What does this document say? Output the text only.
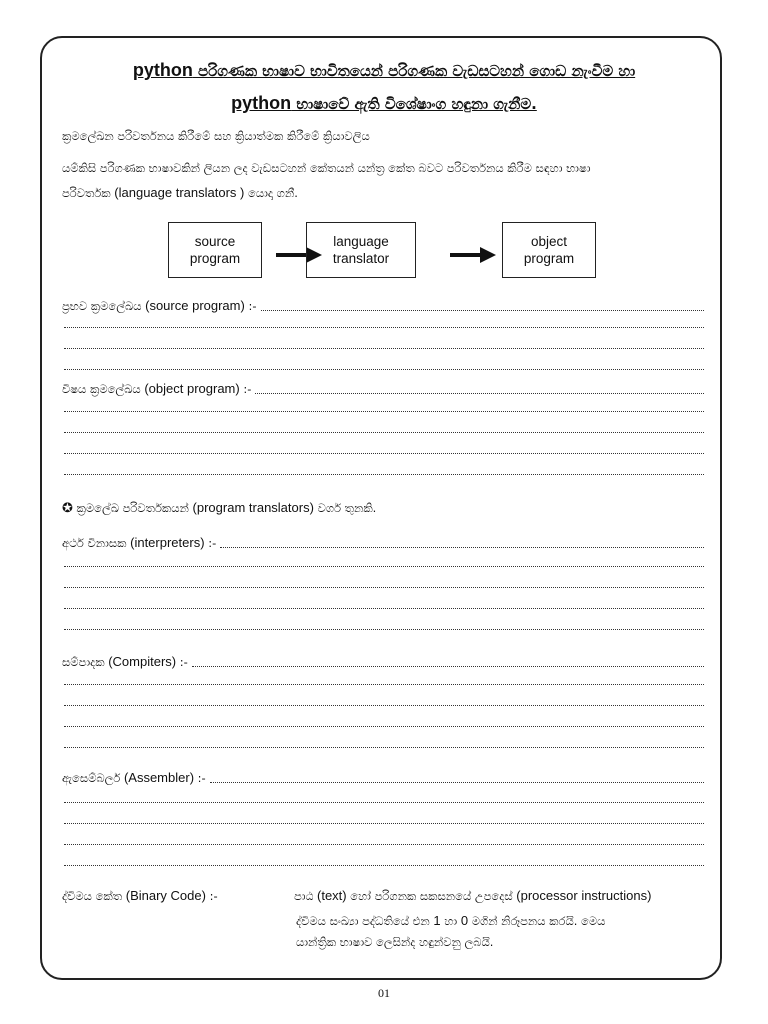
python පරිගණක භාෂාව භාවිතයෙන් පරිගණක වැඩසටහන් ගොඩ නැංවීම හා
python භාෂාවේ ඇති විශේෂාංග හඳුනා ගැනීම.
ක්‍රමලේඛන පරිවර්තනය කිරීමේ සහ ක්‍රියාත්මක කිරීමේ ක්‍රියාවලිය
යම්කිසි පරිගණක භාෂාවකින් ලියන ලද වැඩසටහන් කේතයන් යන්ත්‍ර කේත බවට පරිවර්තනය කිරීම සඳහා භාෂා
පරිවර්තක (language translators ) යොදා ගනී.
source
program
language
translator
object
program
ප්‍රභව ක්‍රමලේඛය (source program) :-
විෂය ක්‍රමලේඛය (object program) :-
✪ ක්‍රමලේඛ පරිවර්තකයන් (program translators) වර්ග තුනකි.
අර්ථ විනාසක (interpreters) :-
සම්පාදක (Compiters) :-
ඇසෙම්බලර් (Assembler) :-
ද්විමය කේත (Binary Code) :-	පාඨ (text) හෝ පරිගනක සකසනයේ උපදෙස් (processor instructions)
ද්විමය සංඛ්‍යා පද්ධතියේ එන 1 හා 0 මගින් නිරූපනය කරයි. මෙය
යාන්ත්‍රික භාෂාව ලෙසින්ද හඳුන්වනු ලබයි.
01
